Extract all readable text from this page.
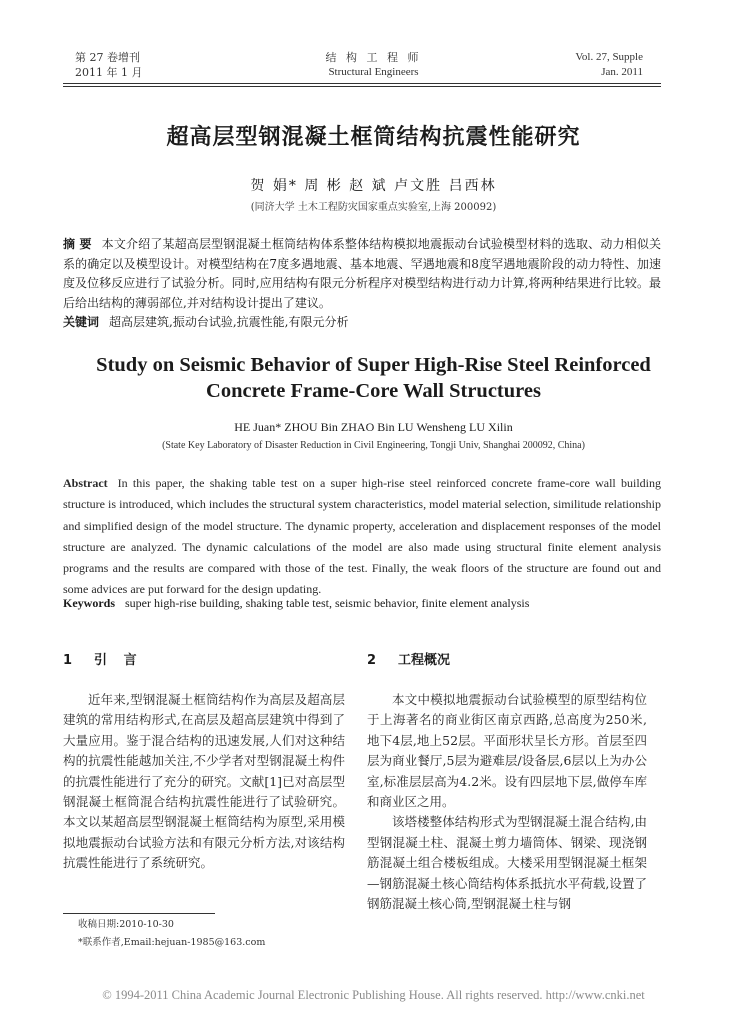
第 27 卷增刊
2011 年 1 月
结 构 工 程 师
Structural Engineers
Vol. 27, Supple
Jan. 2011
超高层型钢混凝土框筒结构抗震性能研究
贺 娟* 周 彬 赵 斌 卢文胜 吕西林
(同济大学 土木工程防灾国家重点实验室,上海 200092)
摘 要 本文介绍了某超高层型钢混凝土框筒结构体系整体结构模拟地震振动台试验模型材料的选取、动力相似关系的确定以及模型设计。对模型结构在7度多遇地震、基本地震、罕遇地震和8度罕遇地震阶段的动力特性、加速度及位移反应进行了试验分析。同时,应用结构有限元分析程序对模型结构进行动力计算,将两种结果进行比较。最后给出结构的薄弱部位,并对结构设计提出了建议。
关键词 超高层建筑,振动台试验,抗震性能,有限元分析
Study on Seismic Behavior of Super High-Rise Steel Reinforced
Concrete Frame-Core Wall Structures
HE Juan* ZHOU Bin ZHAO Bin LU Wensheng LU Xilin
(State Key Laboratory of Disaster Reduction in Civil Engineering, Tongji Univ, Shanghai 200092, China)
Abstract In this paper, the shaking table test on a super high-rise steel reinforced concrete frame-core wall building structure is introduced, which includes the structural system characteristics, model material selection, similitude relationship and simplified design of the model structure. The dynamic property, acceleration and displacement responses of the model structure are analyzed. The dynamic calculations of the model are also made using structural finite element analysis programs and the results are compared with those of the test. Finally, the weak floors of the structure are found out and some advices are put forward for the design updating.
Keywords super high-rise building, shaking table test, seismic behavior, finite element analysis
1 引 言

近年来,型钢混凝土框筒结构作为高层及超高层建筑的常用结构形式,在高层及超高层建筑中得到了大量应用。鉴于混合结构的迅速发展,人们对这种结构的抗震性能越加关注,不少学者对型钢混凝土构件的抗震性能进行了充分的研究。文献[1]已对高层型钢混凝土框筒混合结构抗震性能进行了试验研究。本文以某超高层型钢混凝土框筒结构为原型,采用模拟地震振动台试验方法和有限元分析方法,对该结构抗震性能进行了系统研究。

2 工程概况

本文中模拟地震振动台试验模型的原型结构位于上海著名的商业街区南京西路,总高度为250米,地下4层,地上52层。平面形状呈长方形。首层至四层为商业餐厅,5层为避难层/设备层,6层以上为办公室,标准层层高为4.2米。设有四层地下层,做停车库和商业区之用。

该塔楼整体结构形式为型钢混凝土混合结构,由型钢混凝土柱、混凝土剪力墙筒体、钢梁、现浇钢筋混凝土组合楼板组成。大楼采用型钢混凝土框架—钢筋混凝土核心筒结构体系抵抗水平荷载,设置了钢筋混凝土核心筒,型钢混凝土柱与钢

收稿日期:2010-10-30
*联系作者,Email:hejuan-1985@163.com
© 1994-2011 China Academic Journal Electronic Publishing House. All rights reserved. http://www.cnki.net
